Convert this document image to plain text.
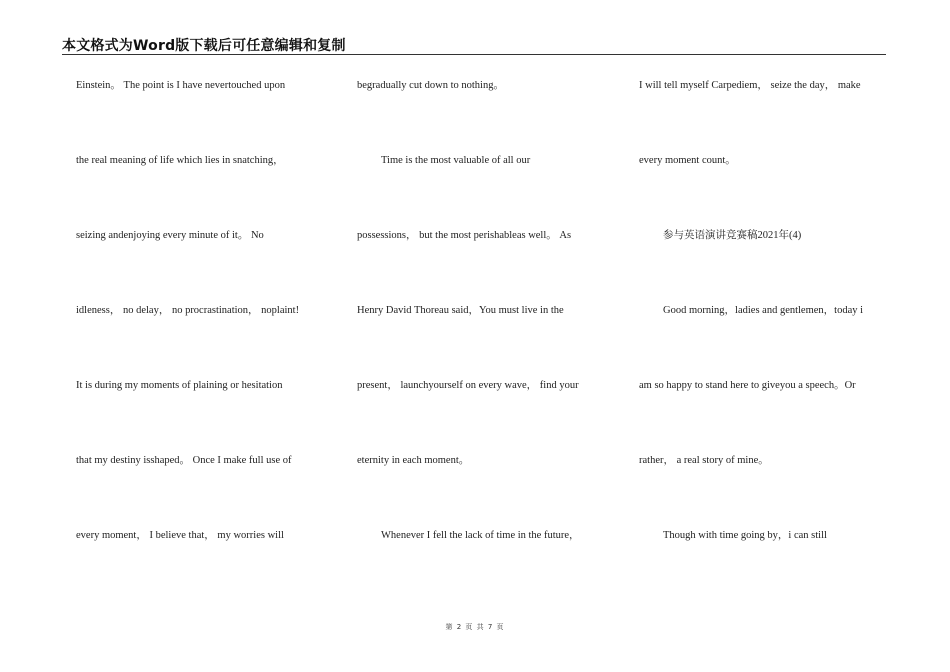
本文格式为Word版下载后可任意编辑和复制
Einstein。 The point is I have nevertouched upon
the real meaning of life which lies in snatching，
seizing andenjoying every minute of it。 No
idleness， no delay， no procrastination， noplaint!
It is during my moments of plaining or hesitation
that my destiny isshaped。 Once I make full use of
every moment， I believe that， my worries will
begradually cut down to nothing。
Time is the most valuable of all our
possessions， but the most perishableas well。 As
Henry David Thoreau said，You must live in the
present， launchyourself on every wave， find your
eternity in each moment。
Whenever I fell the lack of time in the future，
I will tell myself Carpediem， seize the day， make
every moment count。
参与英语演讲竞赛稿2021年(4)
Good morning，ladies and gentlemen，today i
am so happy to stand here to giveyou a speech。Or
rather， a real story of mine。
Though with time going by，i can still
第 2 页 共 7 页
